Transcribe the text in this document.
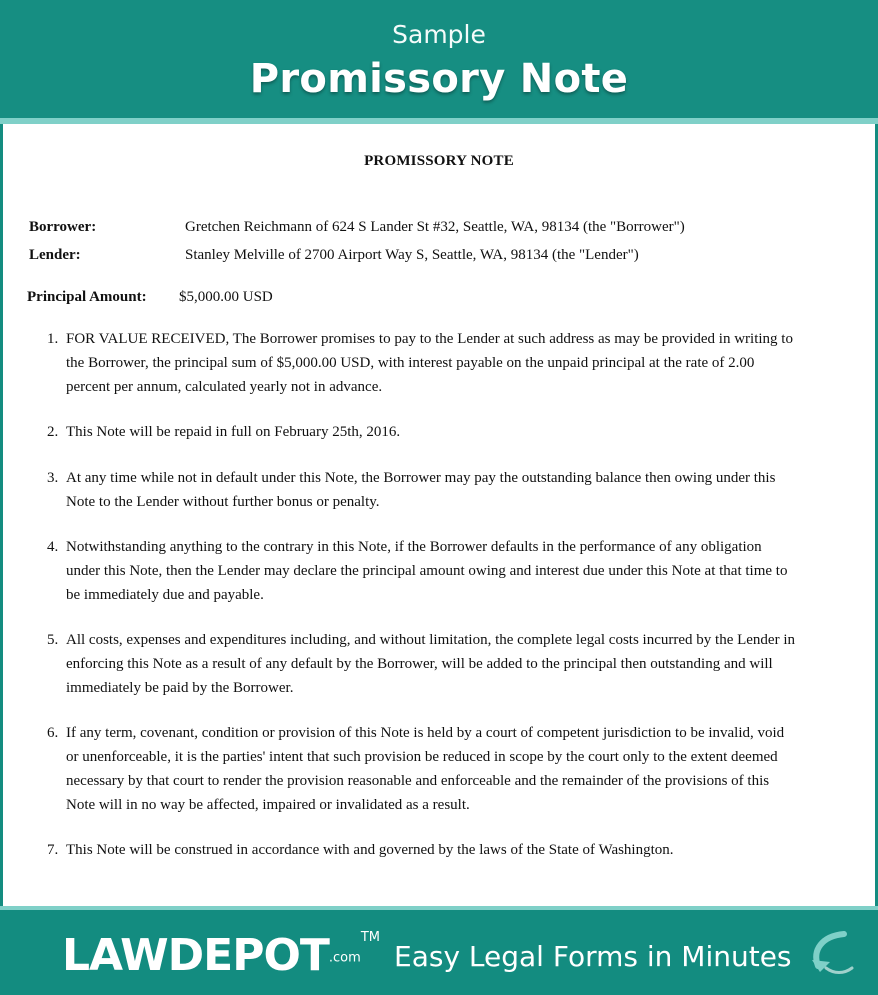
Sample
Promissory Note
PROMISSORY NOTE
Borrower:	Gretchen Reichmann of 624 S Lander St #32, Seattle, WA, 98134 (the "Borrower")
Lender:	Stanley Melville of 2700 Airport Way S, Seattle, WA, 98134 (the "Lender")
Principal Amount: $5,000.00 USD
1. FOR VALUE RECEIVED, The Borrower promises to pay to the Lender at such address as may be provided in writing to
the Borrower, the principal sum of $5,000.00 USD, with interest payable on the unpaid principal at the rate of 2.00
percent per annum, calculated yearly not in advance.
2. This Note will be repaid in full on February 25th, 2016.
3. At any time while not in default under this Note, the Borrower may pay the outstanding balance then owing under this
Note to the Lender without further bonus or penalty.
4. Notwithstanding anything to the contrary in this Note, if the Borrower defaults in the performance of any obligation
under this Note, then the Lender may declare the principal amount owing and interest due under this Note at that time to
be immediately due and payable.
5. All costs, expenses and expenditures including, and without limitation, the complete legal costs incurred by the Lender in
enforcing this Note as a result of any default by the Borrower, will be added to the principal then outstanding and will
immediately be paid by the Borrower.
6. If any term, covenant, condition or provision of this Note is held by a court of competent jurisdiction to be invalid, void
or unenforceable, it is the parties' intent that such provision be reduced in scope by the court only to the extent deemed
necessary by that court to render the provision reasonable and enforceable and the remainder of the provisions of this
Note will in no way be affected, impaired or invalidated as a result.
7. This Note will be construed in accordance with and governed by the laws of the State of Washington.
LAWDEPOT.com™
Easy Legal Forms in Minutes
